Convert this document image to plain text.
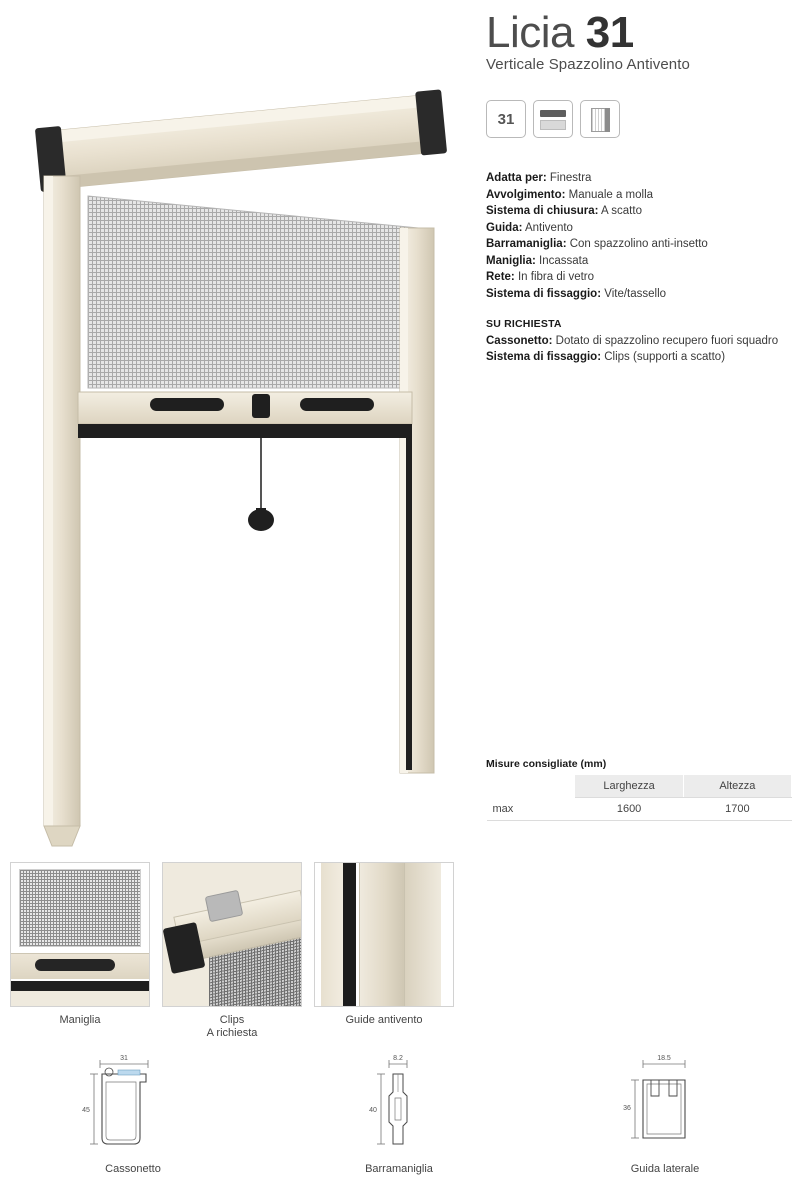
Licia 31
Verticale Spazzolino Antivento
31
Adatta per: Finestra
Avvolgimento: Manuale a molla
Sistema di chiusura: A scatto
Guida: Antivento
Barramaniglia: Con spazzolino anti-insetto
Maniglia: Incassata
Rete: In fibra di vetro
Sistema di fissaggio: Vite/tassello
SU RICHIESTA
Cassonetto: Dotato di spazzolino recupero fuori squadro
Sistema di fissaggio: Clips (supporti a scatto)
Misure consigliate (mm)
	Larghezza	Altezza
max	1600	1700
Maniglia	Clips
A richiesta
Guide antivento
31
45
Cassonetto
8.2
40
Barramaniglia
18.5
36
Guida laterale
